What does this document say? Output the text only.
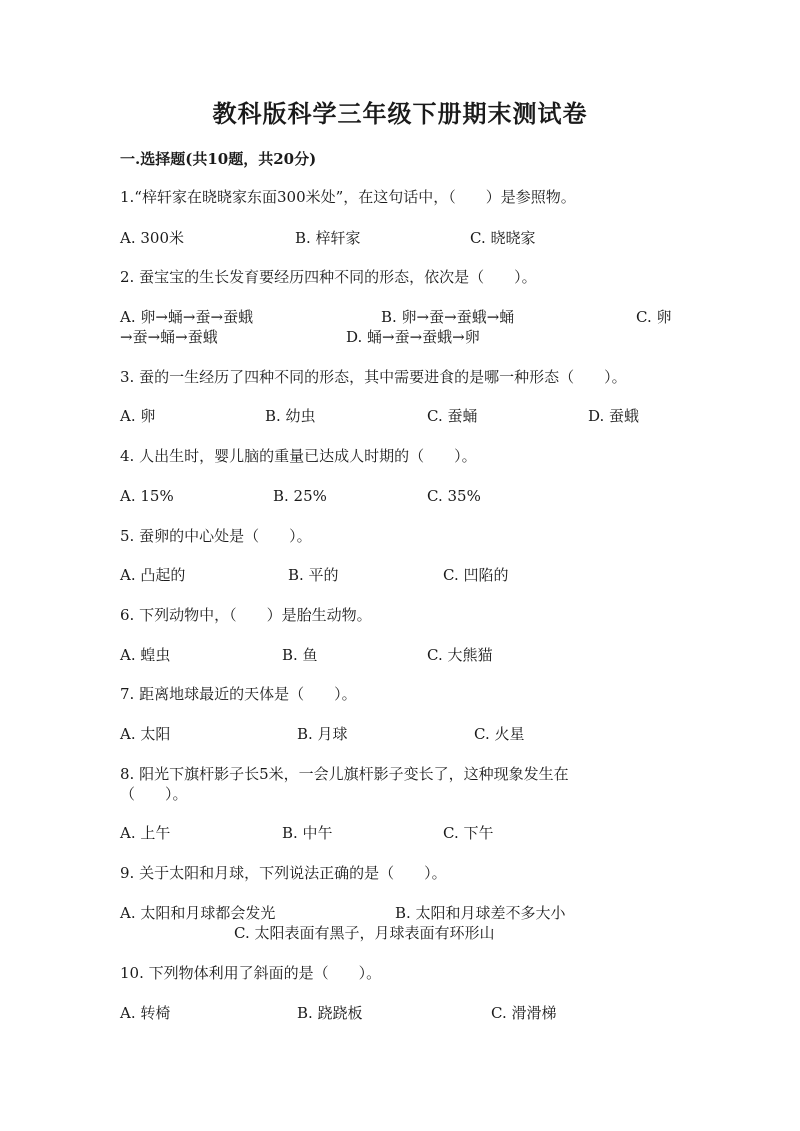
教科版科学三年级下册期末测试卷
一.选择题(共10题，共20分)
1.“梓轩家在晓晓家东面300米处”，在这句话中，（　　）是参照物。
A. 300米	B. 梓轩家	C. 晓晓家
2. 蚕宝宝的生长发育要经历四种不同的形态，依次是（　　）。
A. 卵→蛹→蚕→蚕蛾	B. 卵→蚕→蚕蛾→蛹	C. 卵
→蚕→蛹→蚕蛾	D. 蛹→蚕→蚕蛾→卵
3. 蚕的一生经历了四种不同的形态，其中需要进食的是哪一种形态（　　）。
A. 卵	B. 幼虫	C. 蚕蛹	D. 蚕蛾
4. 人出生时，婴儿脑的重量已达成人时期的（　　）。
A. 15%	B. 25%	C. 35%
5. 蚕卵的中心处是（　　）。
A. 凸起的	B. 平的	C. 凹陷的
6. 下列动物中，（　　）是胎生动物。
A. 蝗虫	B. 鱼	C. 大熊猫
7. 距离地球最近的天体是（　　）。
A. 太阳	B. 月球	C. 火星
8. 阳光下旗杆影子长5米，一会儿旗杆影子变长了，这种现象发生在
（　　）。
A. 上午	B. 中午	C. 下午
9. 关于太阳和月球，下列说法正确的是（　　）。
A. 太阳和月球都会发光	B. 太阳和月球差不多大小
C. 太阳表面有黑子，月球表面有环形山
10. 下列物体利用了斜面的是（　　）。
A. 转椅	B. 跷跷板	C. 滑滑梯
